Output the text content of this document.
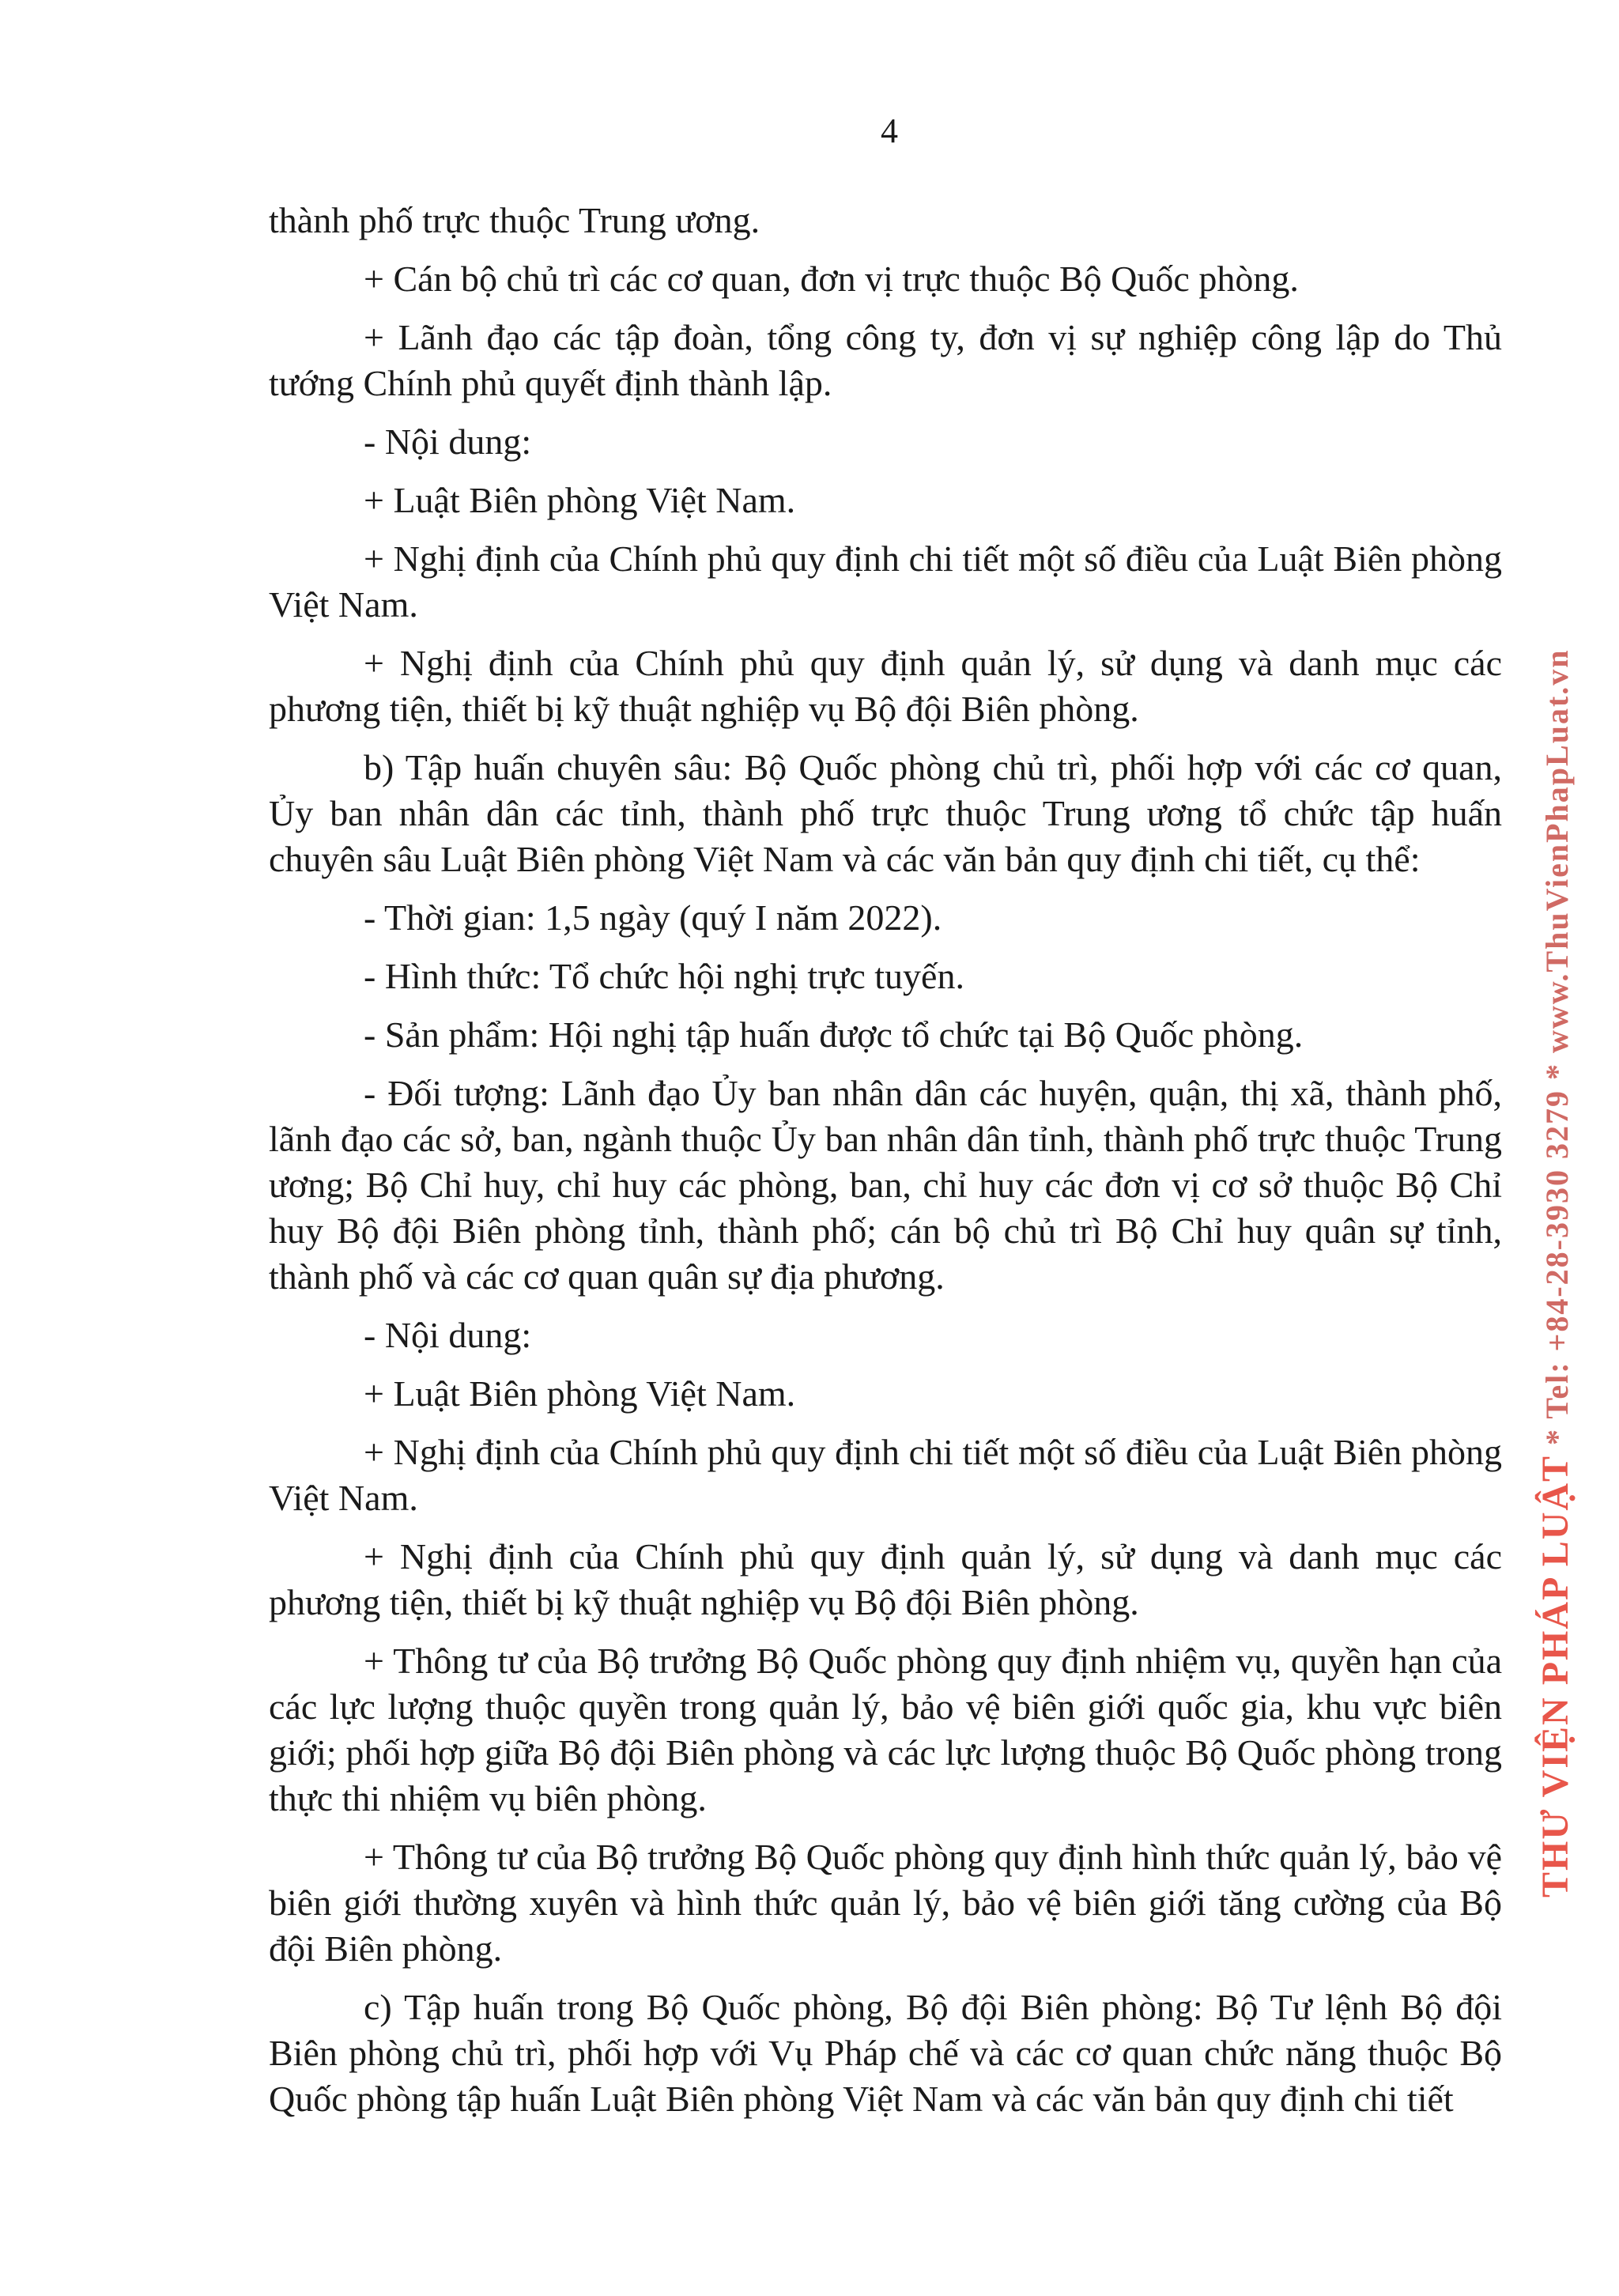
4

thành phố trực thuộc Trung ương.

+ Cán bộ chủ trì các cơ quan, đơn vị trực thuộc Bộ Quốc phòng.

+ Lãnh đạo các tập đoàn, tổng công ty, đơn vị sự nghiệp công lập do Thủ tướng Chính phủ quyết định thành lập.

- Nội dung:

+ Luật Biên phòng Việt Nam.

+ Nghị định của Chính phủ quy định chi tiết một số điều của Luật Biên phòng Việt Nam.

+ Nghị định của Chính phủ quy định quản lý, sử dụng và danh mục các phương tiện, thiết bị kỹ thuật nghiệp vụ Bộ đội Biên phòng.

b) Tập huấn chuyên sâu: Bộ Quốc phòng chủ trì, phối hợp với các cơ quan, Ủy ban nhân dân các tỉnh, thành phố trực thuộc Trung ương tổ chức tập huấn chuyên sâu Luật Biên phòng Việt Nam và các văn bản quy định chi tiết, cụ thể:

- Thời gian: 1,5 ngày (quý I năm 2022).

- Hình thức: Tổ chức hội nghị trực tuyến.

- Sản phẩm: Hội nghị tập huấn được tổ chức tại Bộ Quốc phòng.

- Đối tượng: Lãnh đạo Ủy ban nhân dân các huyện, quận, thị xã, thành phố, lãnh đạo các sở, ban, ngành thuộc Ủy ban nhân dân tỉnh, thành phố trực thuộc Trung ương; Bộ Chỉ huy, chỉ huy các phòng, ban, chỉ huy các đơn vị cơ sở thuộc Bộ Chỉ huy Bộ đội Biên phòng tỉnh, thành phố; cán bộ chủ trì Bộ Chỉ huy quân sự tỉnh, thành phố và các cơ quan quân sự địa phương.

- Nội dung:

+ Luật Biên phòng Việt Nam.

+ Nghị định của Chính phủ quy định chi tiết một số điều của Luật Biên phòng Việt Nam.

+ Nghị định của Chính phủ quy định quản lý, sử dụng và danh mục các phương tiện, thiết bị kỹ thuật nghiệp vụ Bộ đội Biên phòng.

+ Thông tư của Bộ trưởng Bộ Quốc phòng quy định nhiệm vụ, quyền hạn của các lực lượng thuộc quyền trong quản lý, bảo vệ biên giới quốc gia, khu vực biên giới; phối hợp giữa Bộ đội Biên phòng và các lực lượng thuộc Bộ Quốc phòng trong thực thi nhiệm vụ biên phòng.

+ Thông tư của Bộ trưởng Bộ Quốc phòng quy định hình thức quản lý, bảo vệ biên giới thường xuyên và hình thức quản lý, bảo vệ biên giới tăng cường của Bộ đội Biên phòng.

c) Tập huấn trong Bộ Quốc phòng, Bộ đội Biên phòng: Bộ Tư lệnh Bộ đội Biên phòng chủ trì, phối hợp với Vụ Pháp chế và các cơ quan chức năng thuộc Bộ Quốc phòng tập huấn Luật Biên phòng Việt Nam và các văn bản quy định chi tiết

THƯ VIỆN PHÁP LUẬT * Tel: +84-28-3930 3279 * www.ThuVienPhapLuat.vn
